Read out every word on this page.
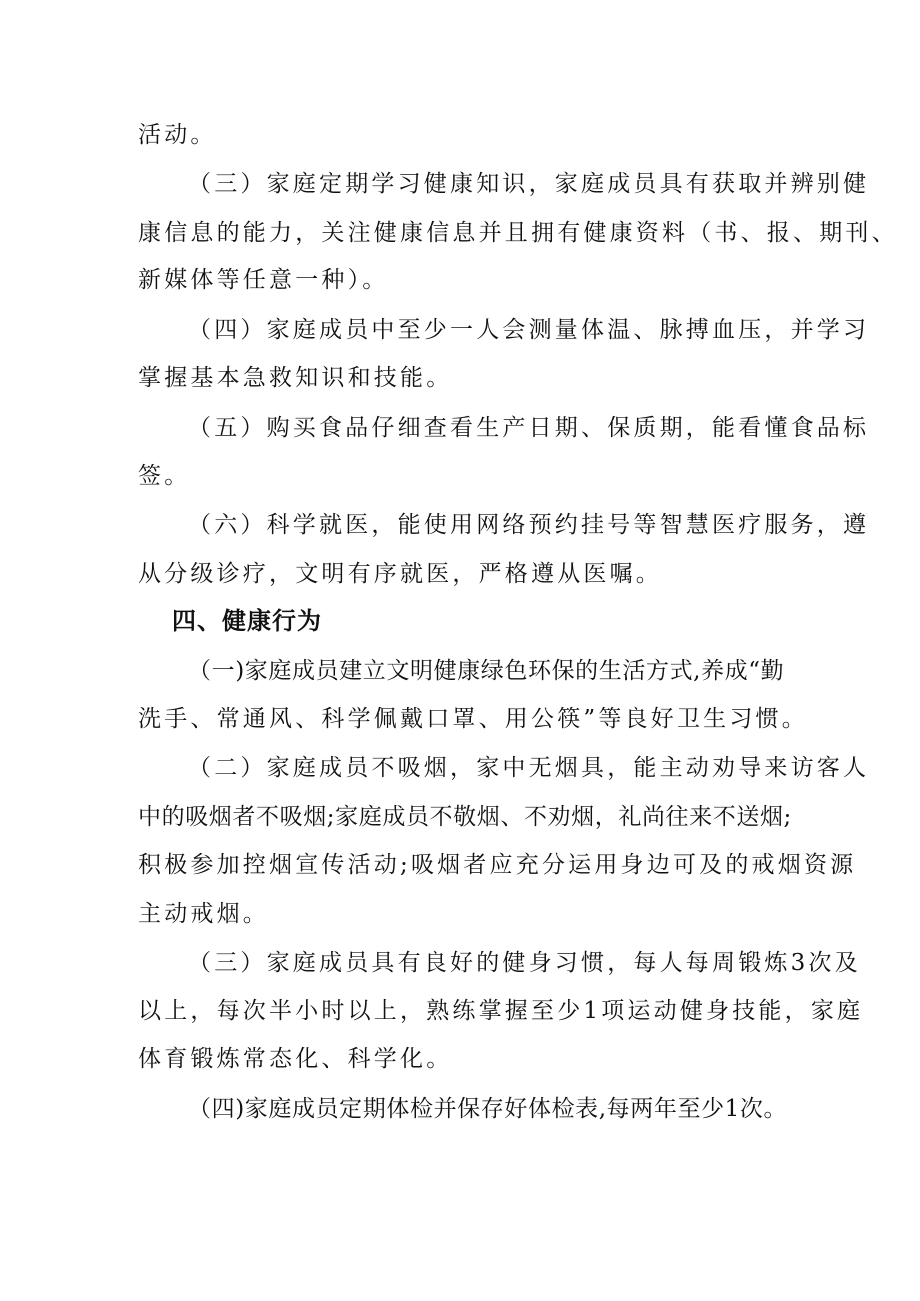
活动。
（三）家庭定期学习健康知识，家庭成员具有获取并辨别健
康信息的能力，关注健康信息并且拥有健康资料（书、报、期刊、
新媒体等任意一种）。
（四）家庭成员中至少一人会测量体温、脉搏血压，并学习
掌握基本急救知识和技能。
（五）购买食品仔细查看生产日期、保质期，能看懂食品标
签。
（六）科学就医，能使用网络预约挂号等智慧医疗服务，遵
从分级诊疗，文明有序就医，严格遵从医嘱。
四、健康行为
（一)家庭成员建立文明健康绿色环保的生活方式,养成“勤
洗手、常通风、科学佩戴口罩、用公筷”等良好卫生习惯。
（二）家庭成员不吸烟，家中无烟具，能主动劝导来访客人
中的吸烟者不吸烟;家庭成员不敬烟、不劝烟，礼尚往来不送烟;
积极参加控烟宣传活动;吸烟者应充分运用身边可及的戒烟资源
主动戒烟。
（三）家庭成员具有良好的健身习惯，每人每周锻炼3次及
以上，每次半小时以上，熟练掌握至少1项运动健身技能，家庭
体育锻炼常态化、科学化。
（四)家庭成员定期体检并保存好体检表,每两年至少1次。
